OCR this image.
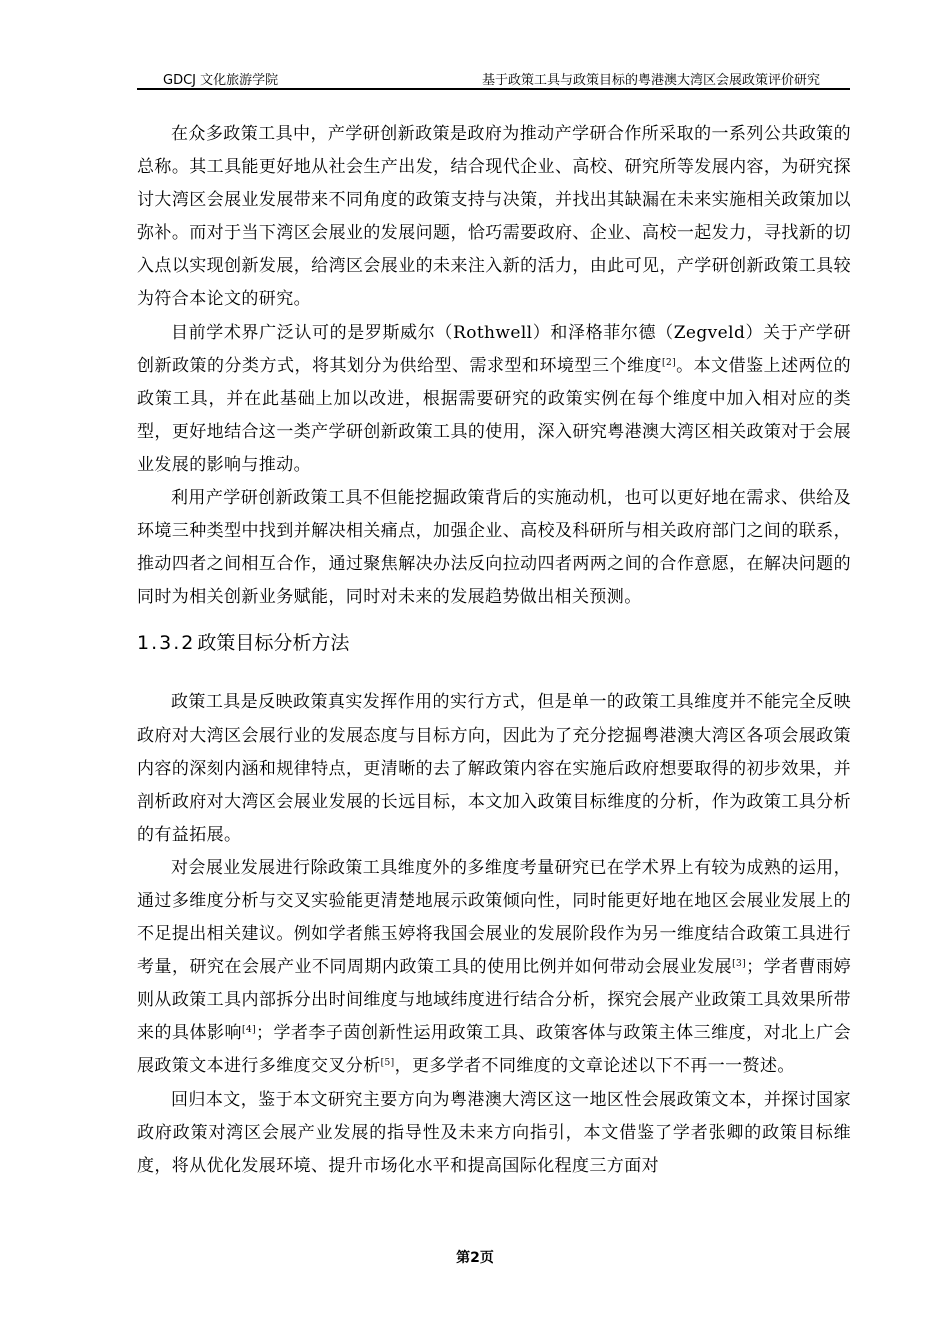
GDCJ 文化旅游学院	基于政策工具与政策目标的粤港澳大湾区会展政策评价研究

在众多政策工具中，产学研创新政策是政府为推动产学研合作所采取的一系列公共政策的总称。其工具能更好地从社会生产出发，结合现代企业、高校、研究所等发展内容，为研究探讨大湾区会展业发展带来不同角度的政策支持与决策，并找出其缺漏在未来实施相关政策加以弥补。而对于当下湾区会展业的发展问题，恰巧需要政府、企业、高校一起发力，寻找新的切入点以实现创新发展，给湾区会展业的未来注入新的活力，由此可见，产学研创新政策工具较为符合本论文的研究。

目前学术界广泛认可的是罗斯威尔（Rothwell）和泽格菲尔德（Zegveld）关于产学研创新政策的分类方式，将其划分为供给型、需求型和环境型三个维度[2]。本文借鉴上述两位的政策工具，并在此基础上加以改进，根据需要研究的政策实例在每个维度中加入相对应的类型，更好地结合这一类产学研创新政策工具的使用，深入研究粤港澳大湾区相关政策对于会展业发展的影响与推动。

利用产学研创新政策工具不但能挖掘政策背后的实施动机，也可以更好地在需求、供给及环境三种类型中找到并解决相关痛点，加强企业、高校及科研所与相关政府部门之间的联系，推动四者之间相互合作，通过聚焦解决办法反向拉动四者两两之间的合作意愿，在解决问题的同时为相关创新业务赋能，同时对未来的发展趋势做出相关预测。

1.3.2 政策目标分析方法

政策工具是反映政策真实发挥作用的实行方式，但是单一的政策工具维度并不能完全反映政府对大湾区会展行业的发展态度与目标方向，因此为了充分挖掘粤港澳大湾区各项会展政策内容的深刻内涵和规律特点，更清晰的去了解政策内容在实施后政府想要取得的初步效果，并剖析政府对大湾区会展业发展的长远目标，本文加入政策目标维度的分析，作为政策工具分析的有益拓展。

对会展业发展进行除政策工具维度外的多维度考量研究已在学术界上有较为成熟的运用，通过多维度分析与交叉实验能更清楚地展示政策倾向性，同时能更好地在地区会展业发展上的不足提出相关建议。例如学者熊玉婷将我国会展业的发展阶段作为另一维度结合政策工具进行考量，研究在会展产业不同周期内政策工具的使用比例并如何带动会展业发展[3]；学者曹雨婷则从政策工具内部拆分出时间维度与地域纬度进行结合分析，探究会展产业政策工具效果所带来的具体影响[4]；学者李子茵创新性运用政策工具、政策客体与政策主体三维度，对北上广会展政策文本进行多维度交叉分析[5]，更多学者不同维度的文章论述以下不再一一赘述。

回归本文，鉴于本文研究主要方向为粤港澳大湾区这一地区性会展政策文本，并探讨国家政府政策对湾区会展产业发展的指导性及未来方向指引，本文借鉴了学者张卿的政策目标维度，将从优化发展环境、提升市场化水平和提高国际化程度三方面对

第2页
